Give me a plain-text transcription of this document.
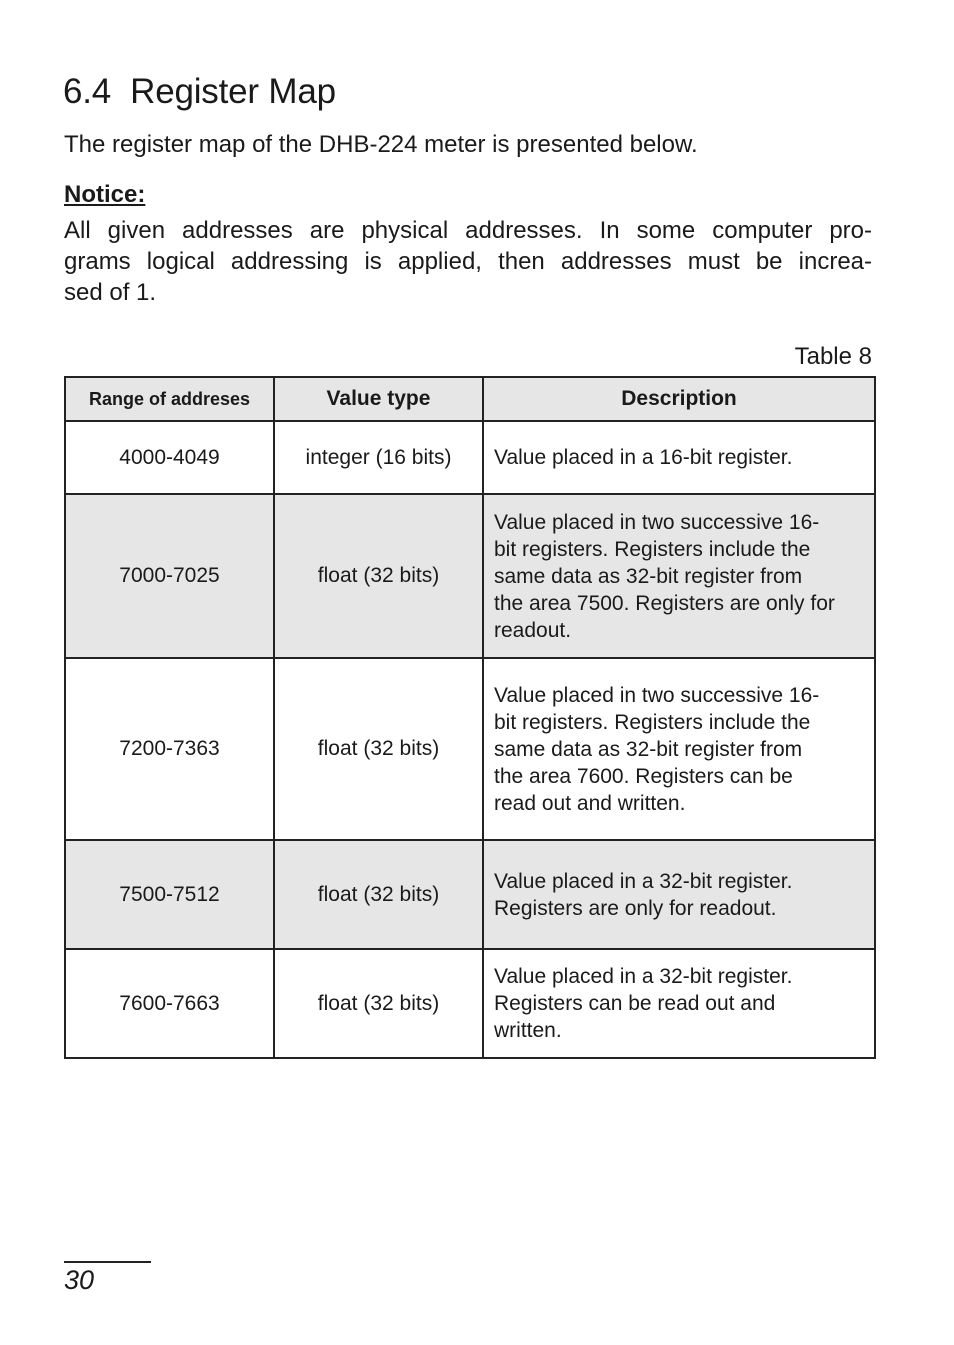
6.4 Register Map

The register map of the DHB-224 meter is presented below.

Notice:

All given addresses are physical addresses. In some computer pro-
grams logical addressing is applied, then addresses must be increa-
sed of 1.

Table 8

Range of addreses	Value type	Description
4000-4049	integer (16 bits)	Value placed in a 16-bit register.
7000-7025	float (32 bits)	Value placed in two successive 16-
bit registers. Registers include the
same data as 32-bit register from
the area 7500. Registers are only for
readout.
7200-7363	float (32 bits)	Value placed in two successive 16-
bit registers. Registers include the
same data as 32-bit register from
the area 7600. Registers can be
read out and written.
7500-7512	float (32 bits)	Value placed in a 32-bit register.
Registers are only for readout.
7600-7663	float (32 bits)	Value placed in a 32-bit register.
Registers can be read out and
written.

30
